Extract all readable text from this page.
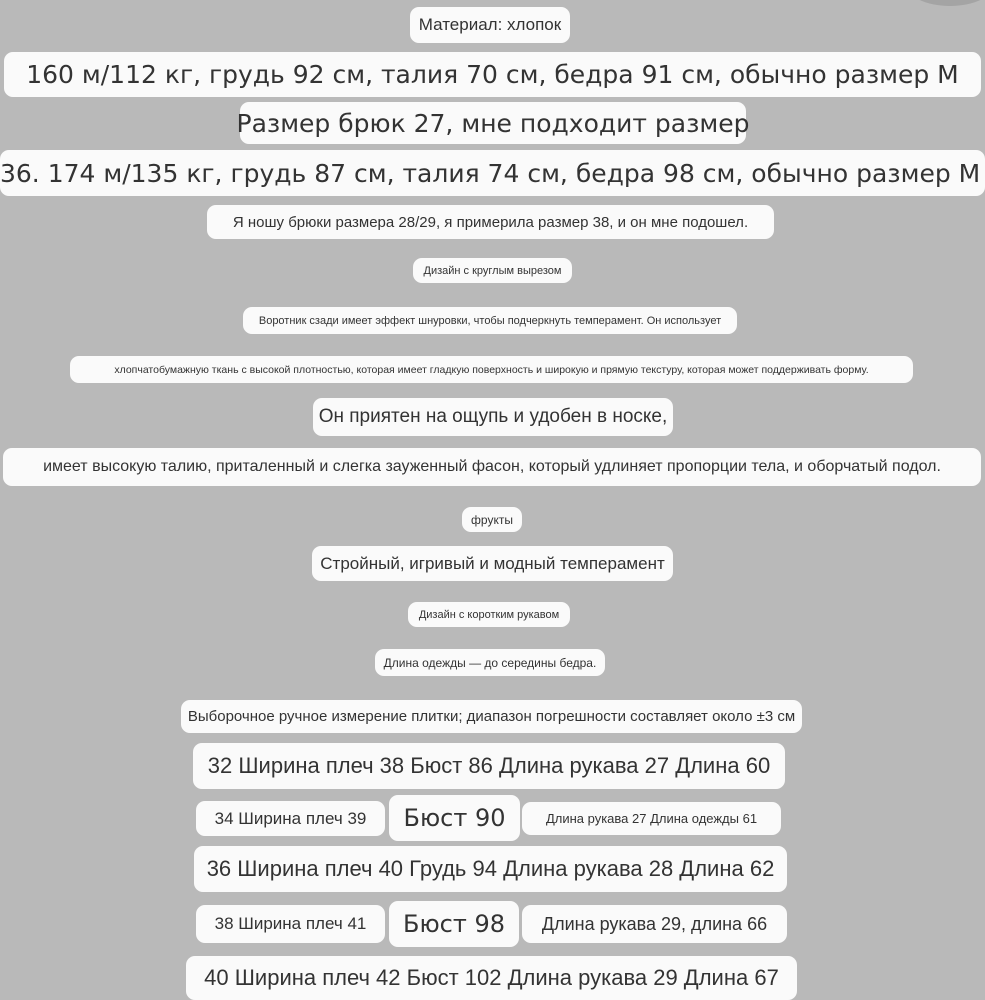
Материал: хлопок
160 м/112 кг, грудь 92 см, талия 70 см, бедра 91 см, обычно размер M
Размер брюк 27, мне подходит размер
36. 174 м/135 кг, грудь 87 см, талия 74 см, бедра 98 см, обычно размер M
Я ношу брюки размера 28/29, я примерила размер 38, и он мне подошел.
Дизайн с круглым вырезом
Воротник сзади имеет эффект шнуровки, чтобы подчеркнуть темперамент. Он использует
хлопчатобумажную ткань с высокой плотностью, которая имеет гладкую поверхность и широкую и прямую текстуру, которая может поддерживать форму.
Он приятен на ощупь и удобен в носке,
имеет высокую талию, приталенный и слегка зауженный фасон, который удлиняет пропорции тела, и оборчатый подол.
фрукты
Стройный, игривый и модный темперамент
Дизайн с коротким рукавом
Длина одежды — до середины бедра.
Выборочное ручное измерение плитки; диапазон погрешности составляет около ±3 см
32 Ширина плеч 38 Бюст 86 Длина рукава 27 Длина 60
34 Ширина плеч 39	Бюст 90	Длина рукава 27 Длина одежды 61
36 Ширина плеч 40 Грудь 94 Длина рукава 28 Длина 62
38 Ширина плеч 41	Бюст 98	Длина рукава 29, длина 66
40 Ширина плеч 42 Бюст 102 Длина рукава 29 Длина 67
